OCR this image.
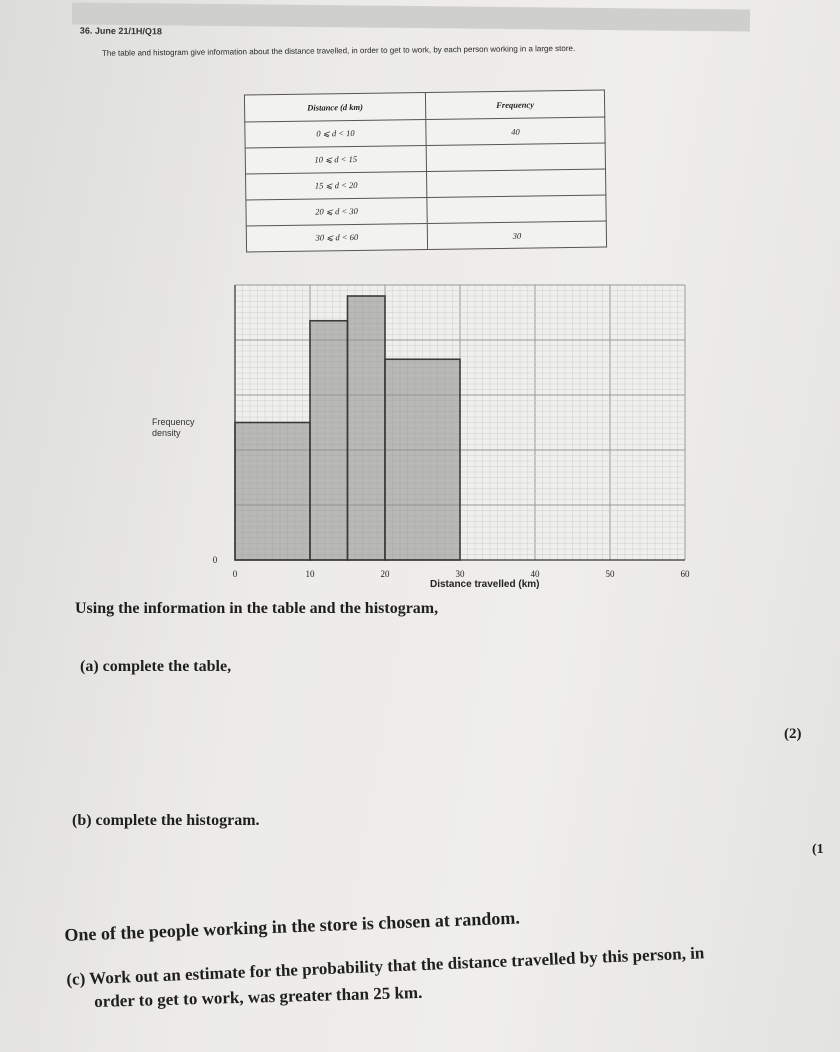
36. June 21/1H/Q18
The table and histogram give information about the distance travelled, in order to get to work, by each person working in a large store.
Distance (d km)	Frequency
0 ⩽ d < 10	40
10 ⩽ d < 15	
15 ⩽ d < 20	
20 ⩽ d < 30	
30 ⩽ d < 60	30
0	10	20	30	40	50	60
0
Frequency density
Distance travelled (km)
Using the information in the table and the histogram,
(a) complete the table,
(2)
(b) complete the histogram.
(1
One of the people working in the store is chosen at random.
(c) Work out an estimate for the probability that the distance travelled by this person, in
order to get to work, was greater than 25 km.
